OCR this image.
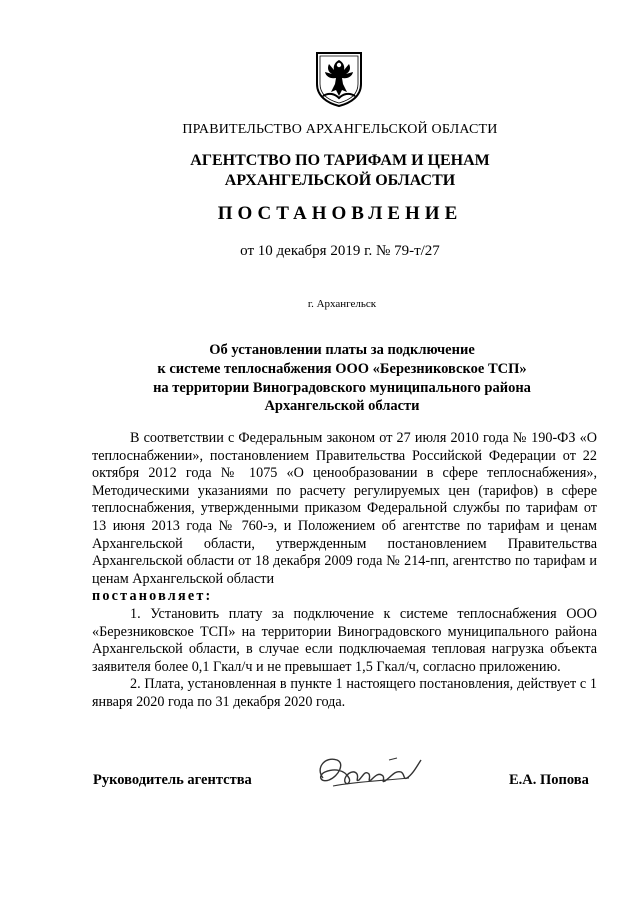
ПРАВИТЕЛЬСТВО АРХАНГЕЛЬСКОЙ ОБЛАСТИ
АГЕНТСТВО ПО ТАРИФАМ И ЦЕНАМ
АРХАНГЕЛЬСКОЙ ОБЛАСТИ
ПОСТАНОВЛЕНИЕ
от 10 декабря 2019 г. № 79-т/27
г. Архангельск
Об установлении платы за подключение
к системе теплоснабжения ООО «Березниковское ТСП»
на территории Виноградовского муниципального района
Архангельской области

В соответствии с Федеральным законом от 27 июля 2010 года № 190-ФЗ «О теплоснабжении», постановлением Правительства Российской Федерации от 22 октября 2012 года № 1075 «О ценообразовании в сфере теплоснабжения», Методическими указаниями по расчету регулируемых цен (тарифов) в сфере теплоснабжения, утвержденными приказом Федеральной службы по тарифам от 13 июня 2013 года № 760-э, и Положением об агентстве по тарифам и ценам Архангельской области, утвержденным постановлением Правительства Архангельской области от 18 декабря 2009 года № 214-пп, агентство по тарифам и ценам Архангельской области

постановляет:

1. Установить плату за подключение к системе теплоснабжения ООО «Березниковское ТСП» на территории Виноградовского муниципального района Архангельской области, в случае если подключаемая тепловая нагрузка объекта заявителя более 0,1 Гкал/ч и не превышает 1,5 Гкал/ч, согласно приложению.

2. Плата, установленная в пункте 1 настоящего постановления, действует с 1 января 2020 года по 31 декабря 2020 года.

Руководитель агентства	Е.А. Попова
